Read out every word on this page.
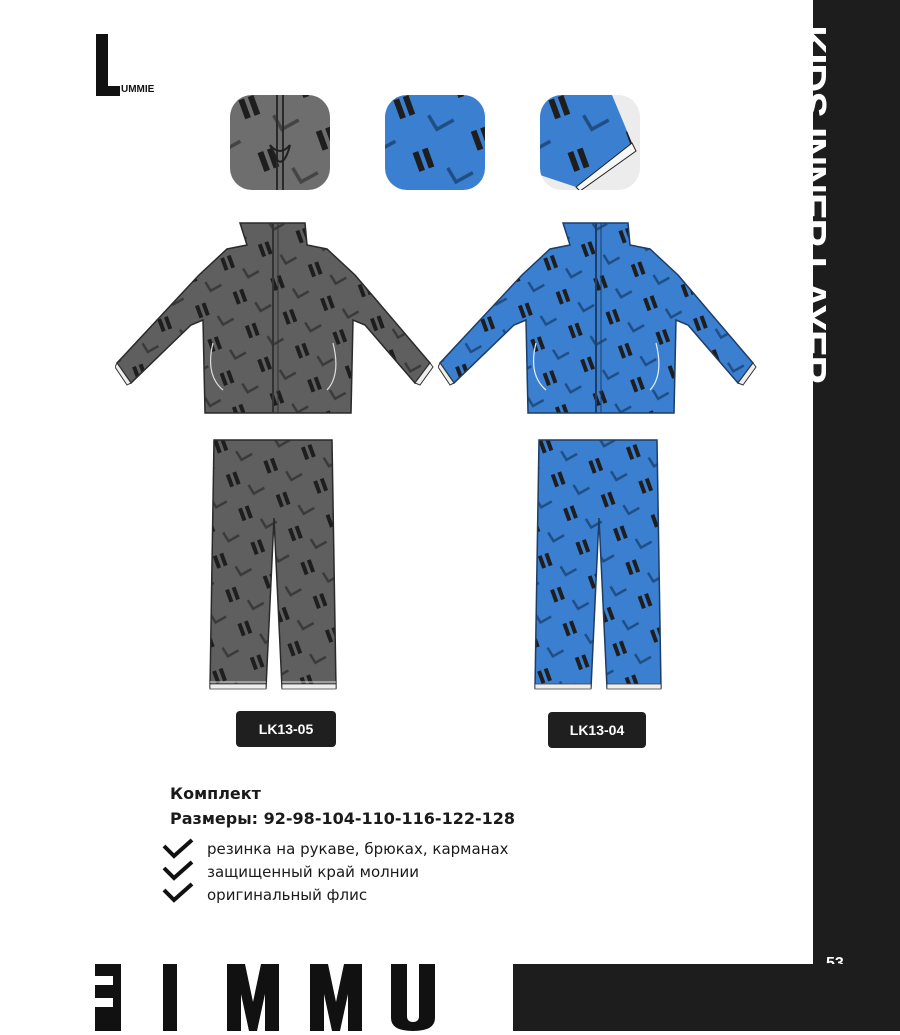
KIDS INNER LAYER
UMMIE
LK13-05	LK13-04
Комплект
Размеры: 92-98-104-110-116-122-128
резинка на рукаве, брюках, карманах
защищенный край молнии
оригинальный флис
